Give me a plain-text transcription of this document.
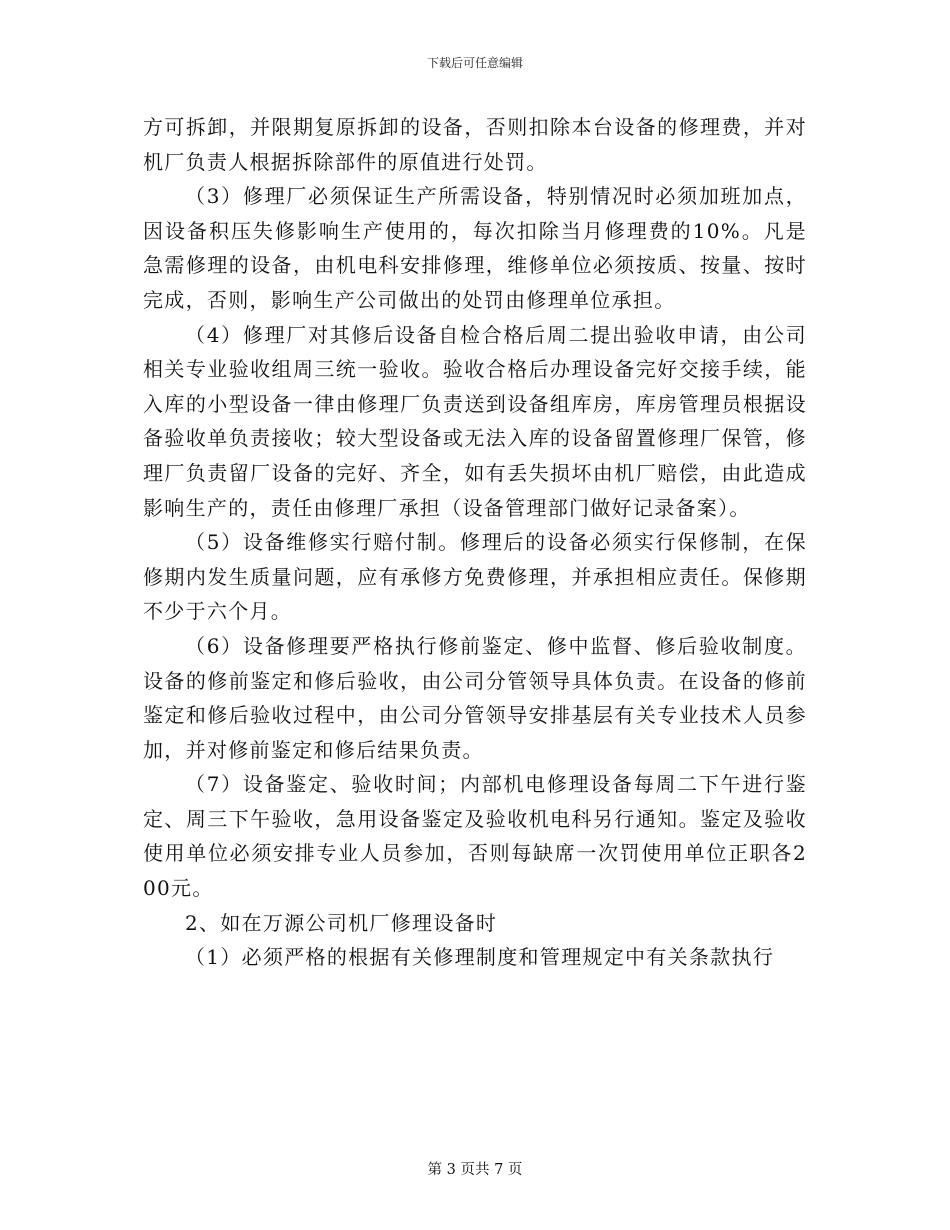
下载后可任意编辑

方可拆卸，并限期复原拆卸的设备，否则扣除本台设备的修理费，并对机厂负责人根据拆除部件的原值进行处罚。

（3）修理厂必须保证生产所需设备，特别情况时必须加班加点，因设备积压失修影响生产使用的，每次扣除当月修理费的10%。凡是急需修理的设备，由机电科安排修理，维修单位必须按质、按量、按时完成，否则，影响生产公司做出的处罚由修理单位承担。

（4）修理厂对其修后设备自检合格后周二提出验收申请，由公司相关专业验收组周三统一验收。验收合格后办理设备完好交接手续，能入库的小型设备一律由修理厂负责送到设备组库房，库房管理员根据设备验收单负责接收；较大型设备或无法入库的设备留置修理厂保管，修理厂负责留厂设备的完好、齐全，如有丢失损坏由机厂赔偿，由此造成影响生产的，责任由修理厂承担（设备管理部门做好记录备案）。

（5）设备维修实行赔付制。修理后的设备必须实行保修制，在保修期内发生质量问题，应有承修方免费修理，并承担相应责任。保修期不少于六个月。

（6）设备修理要严格执行修前鉴定、修中监督、修后验收制度。设备的修前鉴定和修后验收，由公司分管领导具体负责。在设备的修前鉴定和修后验收过程中，由公司分管领导安排基层有关专业技术人员参加，并对修前鉴定和修后结果负责。

（7）设备鉴定、验收时间；内部机电修理设备每周二下午进行鉴定、周三下午验收，急用设备鉴定及验收机电科另行通知。鉴定及验收使用单位必须安排专业人员参加，否则每缺席一次罚使用单位正职各200元。

2、如在万源公司机厂修理设备时

（1）必须严格的根据有关修理制度和管理规定中有关条款执行

第 3 页共 7 页
